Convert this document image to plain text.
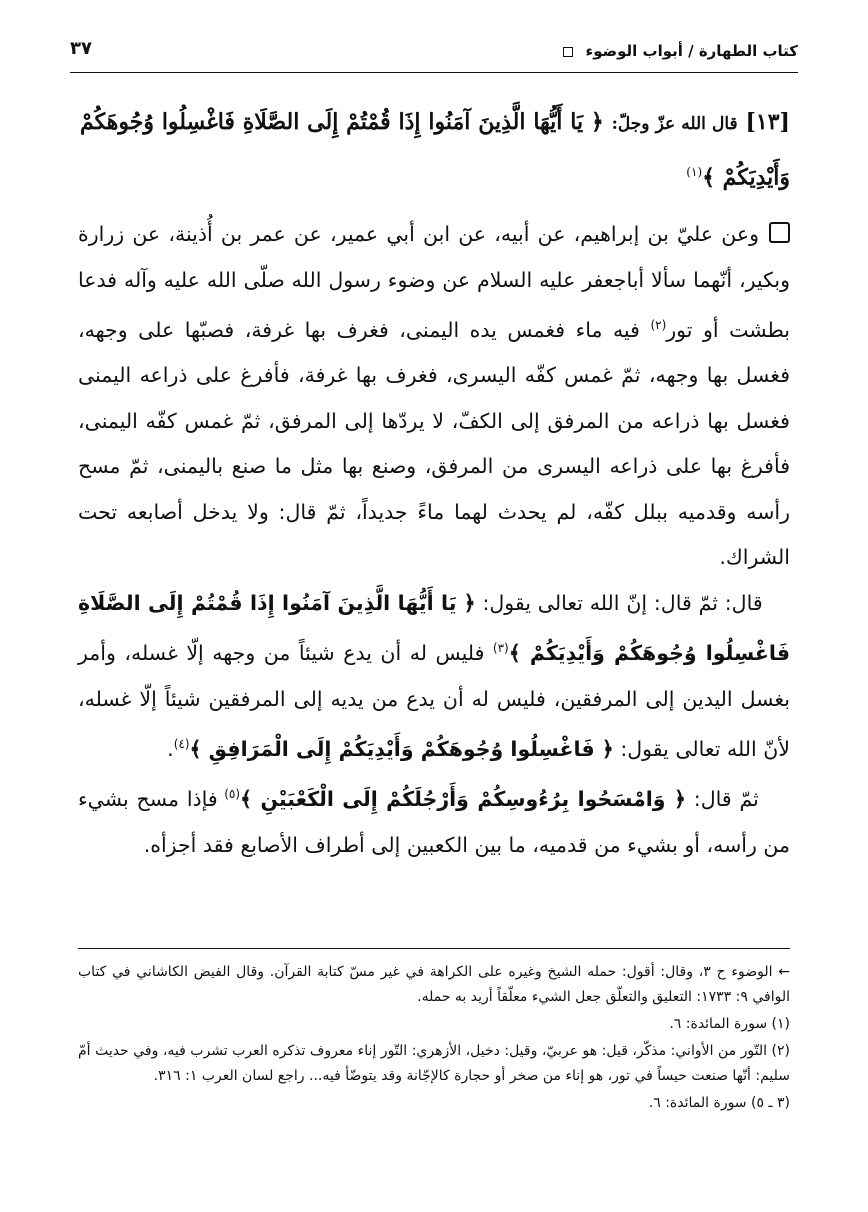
كتاب الطهارة / أبواب الوضوء
٣٧
[١٣] قال الله عزّ وجلّ: ﴿ يَا أَيُّهَا الَّذِينَ آمَنُوا إِذَا قُمْتُمْ إِلَى الصَّلَاةِ فَاغْسِلُوا وُجُوهَكُمْ وَأَيْدِيَكُمْ ﴾$^{(١)}$

وعن عليّ بن إبراهيم، عن أبيه، عن ابن أبي عمير، عن عمر بن أُذينة، عن زرارة وبكير، أنّهما سألا أباجعفر عليه السلام عن وضوء رسول الله صلّى الله عليه وآله فدعا بطشت أو تور$^{(٢)}$ فيه ماء فغمس يده اليمنى، فغرف بها غرفة، فصبّها على وجهه، فغسل بها وجهه، ثمّ غمس كفّه اليسرى، فغرف بها غرفة، فأفرغ على ذراعه اليمنى فغسل بها ذراعه من المرفق إلى الكفّ، لا يردّها إلى المرفق، ثمّ غمس كفّه اليمنى، فأفرغ بها على ذراعه اليسرى من المرفق، وصنع بها مثل ما صنع باليمنى، ثمّ مسح رأسه وقدميه ببلل كفّه، لم يحدث لهما ماءً جديداً، ثمّ قال: ولا يدخل أصابعه تحت الشراك.

قال: ثمّ قال: إنّ الله تعالى يقول: ﴿ يَا أَيُّهَا الَّذِينَ آمَنُوا إِذَا قُمْتُمْ إِلَى الصَّلَاةِ فَاغْسِلُوا وُجُوهَكُمْ وَأَيْدِيَكُمْ ﴾$^{(٣)}$ فليس له أن يدع شيئاً من وجهه إلّا غسله، وأمر بغسل اليدين إلى المرفقين، فليس له أن يدع من يديه إلى المرفقين شيئاً إلّا غسله، لأنّ الله تعالى يقول: ﴿ فَاغْسِلُوا وُجُوهَكُمْ وَأَيْدِيَكُمْ إِلَى الْمَرَافِقِ ﴾$^{(٤)}$.

ثمّ قال: ﴿ وَامْسَحُوا بِرُءُوسِكُمْ وَأَرْجُلَكُمْ إِلَى الْكَعْبَيْنِ ﴾$^{(٥)}$ فإذا مسح بشيء من رأسه، أو بشيء من قدميه، ما بين الكعبين إلى أطراف الأصابع فقد أجزأه.

← الوضوء ح ٣، وقال: أقول: حمله الشيخ وغيره على الكراهة في غير مسّ كتابة القرآن. وقال الفيض الكاشاني في كتاب الوافي ٩: ١٧٣٣: التعليق والتعلّق جعل الشيء معلّقاً أريد به حمله.

(١) سورة المائدة: ٦.

(٢) التّور من الأواني: مذكّر، قيل: هو عربيّ، وقيل: دخيل، الأزهري: التّور إناء معروف تذكره العرب تشرب فيه، وفي حديث أمّ سليم: أنّها صنعت حيساً في تور، هو إناء من صخر أو حجارة كالإجّانة وقد يتوضّأ فيه... راجع لسان العرب ١: ٣١٦.

(٣ ـ ٥) سورة المائدة: ٦.
